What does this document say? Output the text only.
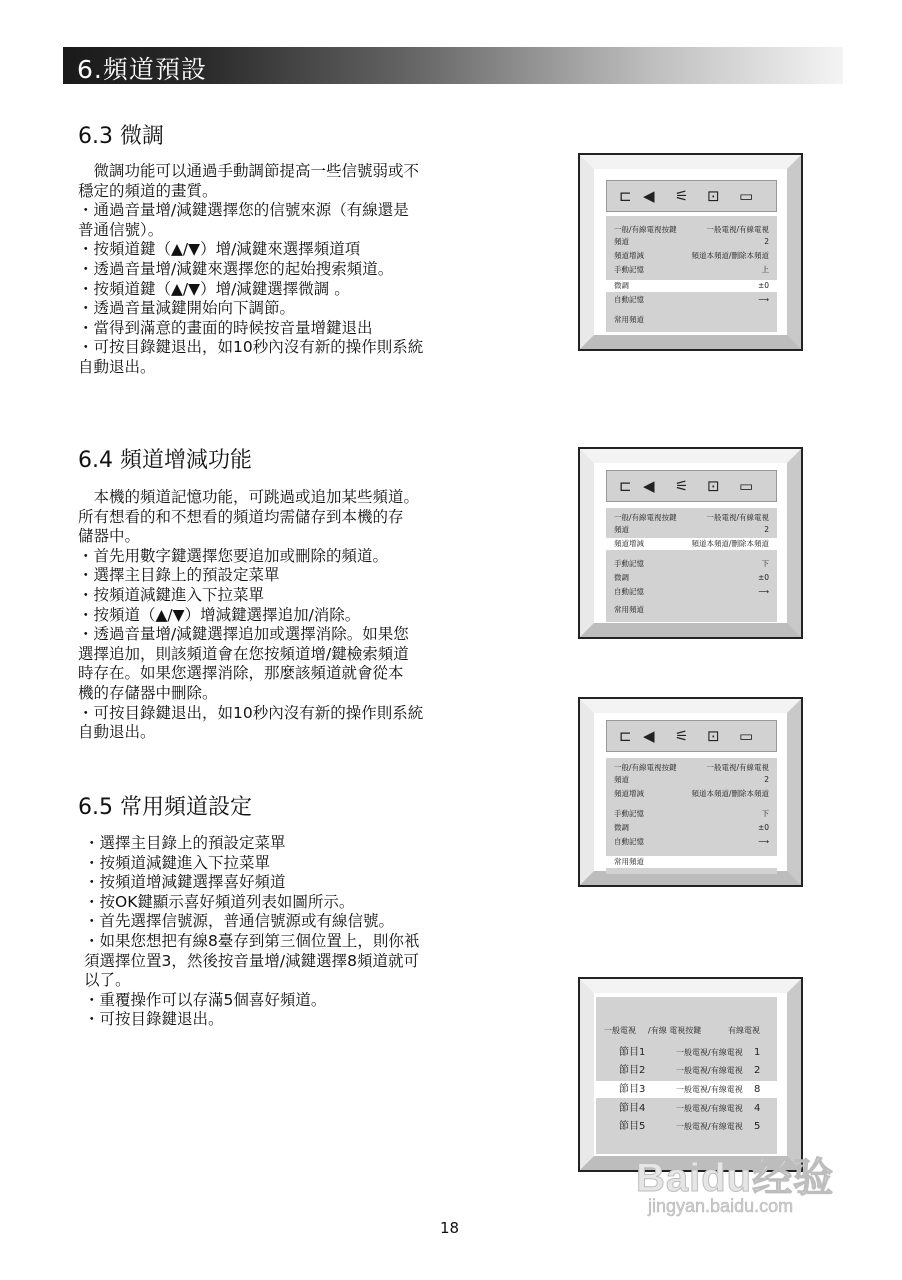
6.頻道預設
6.3 微調
　微調功能可以通過手動調節提高一些信號弱或不
穩定的頻道的畫質。
・通過音量增/減鍵選擇您的信號來源（有線還是
普通信號）。
・按頻道鍵（▲/▼）增/減鍵來選擇頻道項
・透過音量增/減鍵來選擇您的起始搜索頻道。
・按頻道鍵（▲/▼）增/減鍵選擇微調 。
・透過音量減鍵開始向下調節。
・當得到滿意的畫面的時候按音量增鍵退出
・可按目錄鍵退出，如10秒內沒有新的操作則系統
自動退出。
6.4 頻道增減功能
　本機的頻道記憶功能，可跳過或追加某些頻道。
所有想看的和不想看的頻道均需儲存到本機的存
儲器中。
・首先用數字鍵選擇您要追加或刪除的頻道。
・選擇主目錄上的預設定菜單
・按頻道減鍵進入下拉菜單
・按頻道（▲/▼）增減鍵選擇追加/消除。
・透過音量增/減鍵選擇追加或選擇消除。如果您
選擇追加，則該頻道會在您按頻道增/鍵檢索頻道
時存在。如果您選擇消除，那麼該頻道就會從本
機的存儲器中刪除。
・可按目錄鍵退出，如10秒內沒有新的操作則系統
自動退出。
6.5 常用頻道設定
・選擇主目錄上的預設定菜單
・按頻道減鍵進入下拉菜單
・按頻道增減鍵選擇喜好頻道
・按OK鍵顯示喜好頻道列表如圖所示。
・首先選擇信號源，普通信號源或有線信號。
・如果您想把有線8臺存到第三個位置上，則你衹
須選擇位置3，然後按音量增/減鍵選擇8頻道就可
以了。
・重覆操作可以存滿5個喜好頻道。
・可按目錄鍵退出。
⊏ ◀ ⚟ ⊡ ▭
一般/有線電視按鍵	一般電視/有線電視
頻道	2
頻道增減	頻道本頻道/刪除本頻道
手動記憶	上
微調	±0
自動記憶	⟶
常用頻道
⊏ ◀ ⚟ ⊡ ▭
一般/有線電視按鍵	一般電視/有線電視
頻道	2
頻道增減	頻道本頻道/刪除本頻道
手動記憶	下
微調	±0
自動記憶	⟶
常用頻道
⊏ ◀ ⚟ ⊡ ▭
一般/有線電視按鍵	一般電視/有線電視
頻道	2
頻道增減	頻道本頻道/刪除本頻道
手動記憶	下
微調	±0
自動記憶	⟶
常用頻道
一般電視 /有線 電視按鍵	有線電視
節目1	一般電視/有線電視 1
節目2	一般電視/有線電視 2
節目3	一般電視/有線電視 8
節目4	一般電視/有線電視 4
節目5	一般電視/有線電視 5
18
Baidu经验
jingyan.baidu.com
